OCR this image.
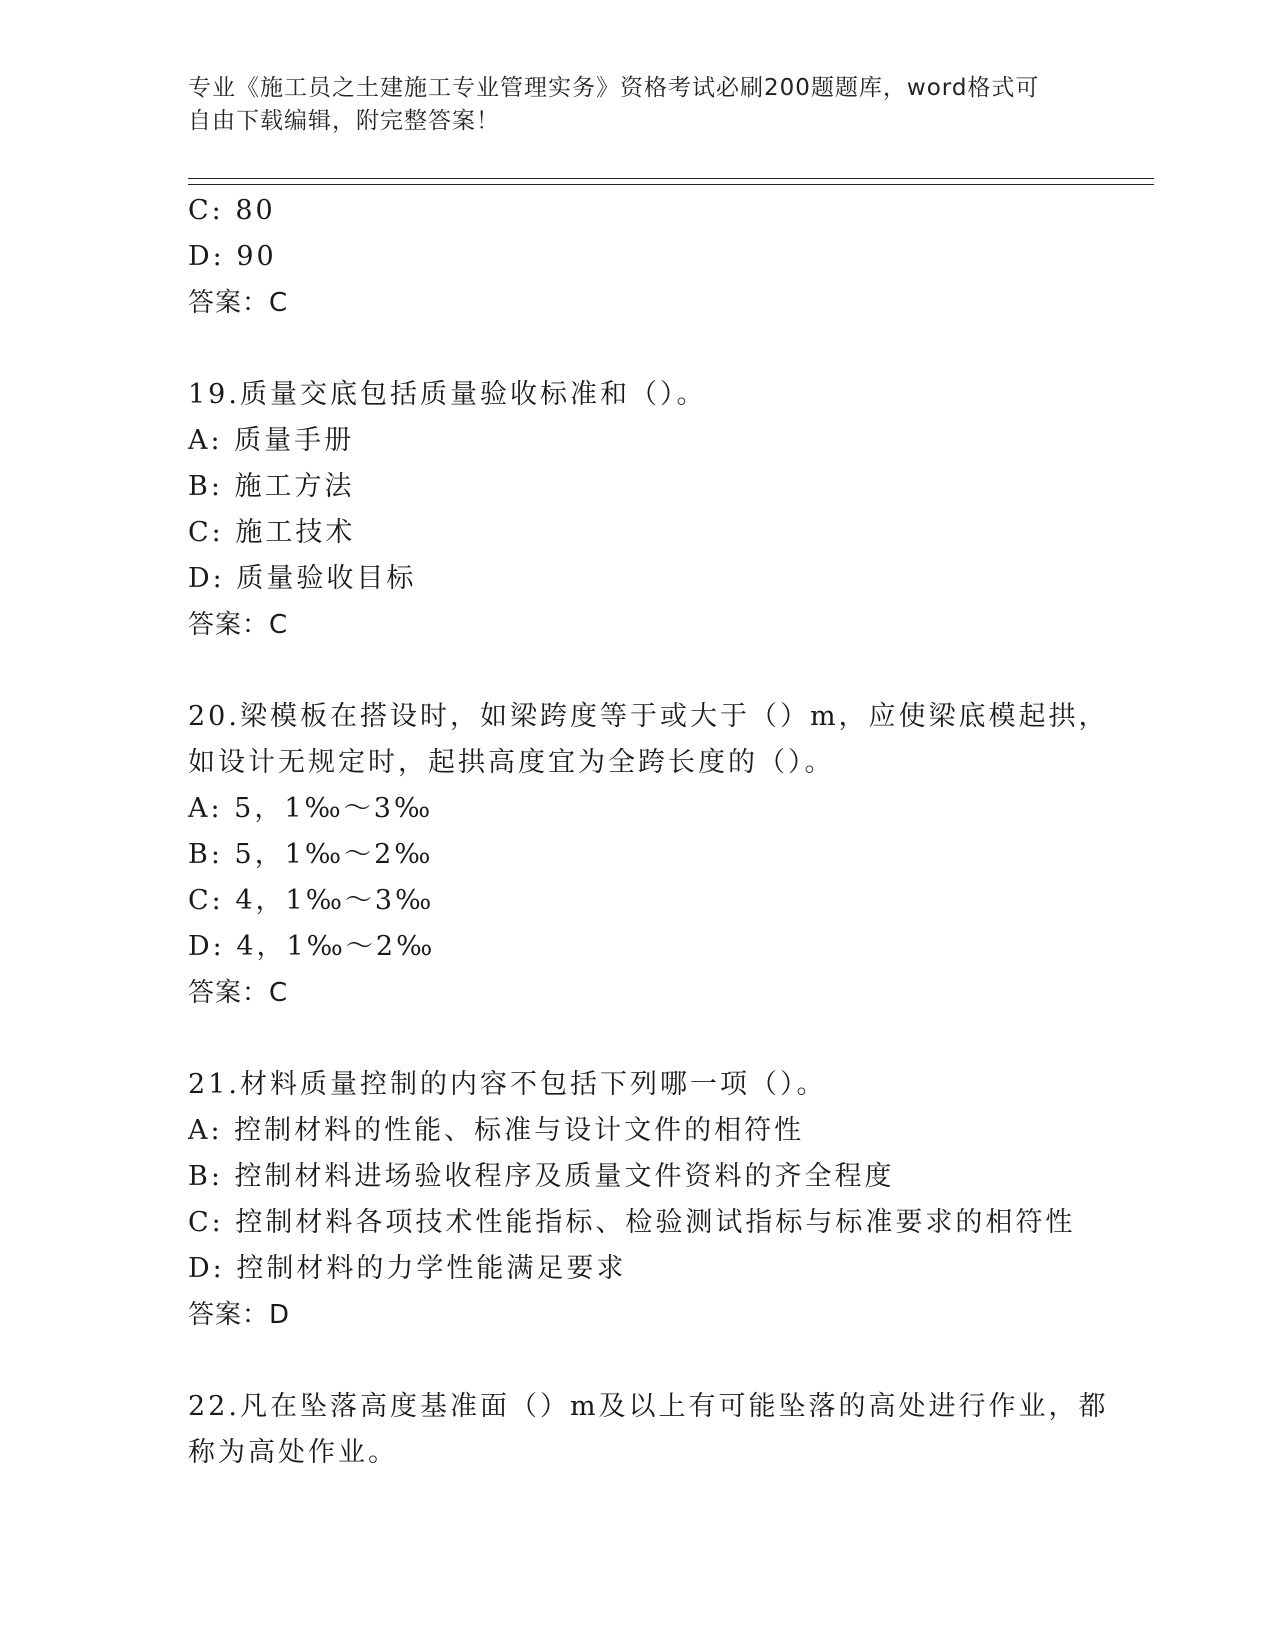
专业《施工员之土建施工专业管理实务》资格考试必刷200题题库，word格式可
自由下载编辑，附完整答案！
C: 80
D: 90
答案：C
19.质量交底包括质量验收标准和（）。
A: 质量手册
B: 施工方法
C: 施工技术
D: 质量验收目标
答案：C
20.梁模板在搭设时，如梁跨度等于或大于（）m，应使梁底模起拱，
如设计无规定时，起拱高度宜为全跨长度的（）。
A: 5，1‰～3‰
B: 5，1‰～2‰
C: 4，1‰～3‰
D: 4，1‰～2‰
答案：C
21.材料质量控制的内容不包括下列哪一项（）。
A: 控制材料的性能、标准与设计文件的相符性
B: 控制材料进场验收程序及质量文件资料的齐全程度
C: 控制材料各项技术性能指标、检验测试指标与标准要求的相符性
D: 控制材料的力学性能满足要求
答案：D
22.凡在坠落高度基准面（）m及以上有可能坠落的高处进行作业，都
称为高处作业。
